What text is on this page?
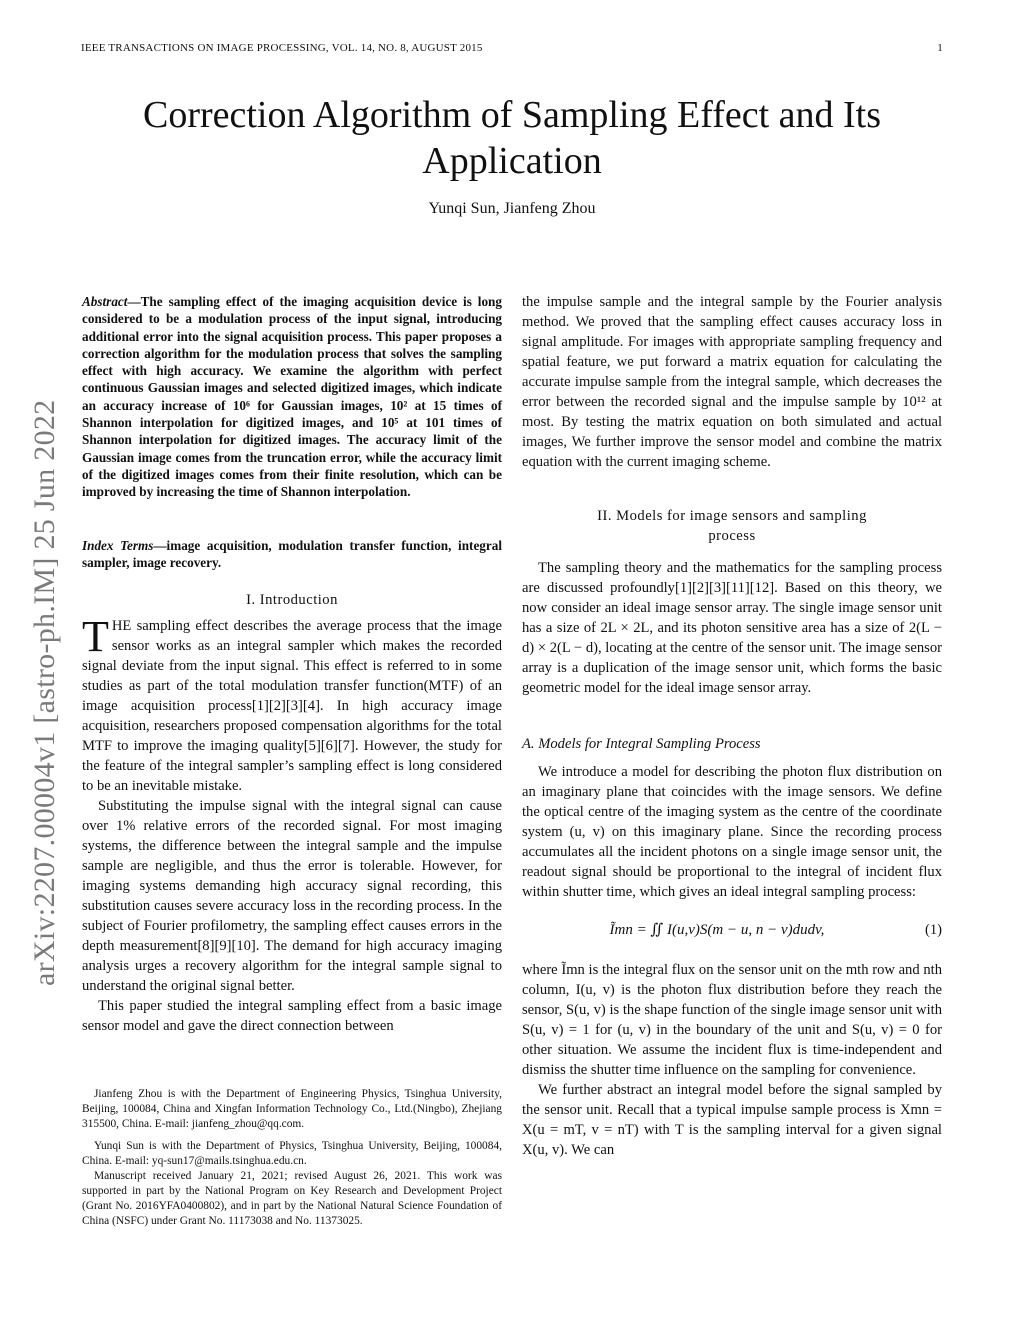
IEEE TRANSACTIONS ON IMAGE PROCESSING, VOL. 14, NO. 8, AUGUST 2015	1
Correction Algorithm of Sampling Effect and Its
Application
Yunqi Sun, Jianfeng Zhou
arXiv:2207.00004v1 [astro-ph.IM] 25 Jun 2022
Abstract—The sampling effect of the imaging acquisition device is long considered to be a modulation process of the input signal, introducing additional error into the signal acquisition process. This paper proposes a correction algorithm for the modulation process that solves the sampling effect with high accuracy. We examine the algorithm with perfect continuous Gaussian images and selected digitized images, which indicate an accuracy increase of 10⁶ for Gaussian images, 10² at 15 times of Shannon interpolation for digitized images, and 10⁵ at 101 times of Shannon interpolation for digitized images. The accuracy limit of the Gaussian image comes from the truncation error, while the accuracy limit of the digitized images comes from their finite resolution, which can be improved by increasing the time of Shannon interpolation.
Index Terms—image acquisition, modulation transfer function, integral sampler, image recovery.
I. Introduction
THE sampling effect describes the average process that the image sensor works as an integral sampler which makes the recorded signal deviate from the input signal. This effect is referred to in some studies as part of the total modulation transfer function(MTF) of an image acquisition process[1][2][3][4]. In high accuracy image acquisition, researchers proposed compensation algorithms for the total MTF to improve the imaging quality[5][6][7]. However, the study for the feature of the integral sampler’s sampling effect is long considered to be an inevitable mistake.

Substituting the impulse signal with the integral signal can cause over 1% relative errors of the recorded signal. For most imaging systems, the difference between the integral sample and the impulse sample are negligible, and thus the error is tolerable. However, for imaging systems demanding high accuracy signal recording, this substitution causes severe accuracy loss in the recording process. In the subject of Fourier profilometry, the sampling effect causes errors in the depth measurement[8][9][10]. The demand for high accuracy imaging analysis urges a recovery algorithm for the integral sample signal to understand the original signal better.

This paper studied the integral sampling effect from a basic image sensor model and gave the direct connection between

Jianfeng Zhou is with the Department of Engineering Physics, Tsinghua University, Beijing, 100084, China and Xingfan Information Technology Co., Ltd.(Ningbo), Zhejiang 315500, China. E-mail: jianfeng_zhou@qq.com.

Yunqi Sun is with the Department of Physics, Tsinghua University, Beijing, 100084, China. E-mail: yq-sun17@mails.tsinghua.edu.cn.

Manuscript received January 21, 2021; revised August 26, 2021. This work was supported in part by the National Program on Key Research and Development Project (Grant No. 2016YFA0400802), and in part by the National Natural Science Foundation of China (NSFC) under Grant No. 11173038 and No. 11373025.

the impulse sample and the integral sample by the Fourier analysis method. We proved that the sampling effect causes accuracy loss in signal amplitude. For images with appropriate sampling frequency and spatial feature, we put forward a matrix equation for calculating the accurate impulse sample from the integral sample, which decreases the error between the recorded signal and the impulse sample by 10¹² at most. By testing the matrix equation on both simulated and actual images, We further improve the sensor model and combine the matrix equation with the current imaging scheme.
II. Models for image sensors and sampling
process

The sampling theory and the mathematics for the sampling process are discussed profoundly[1][2][3][11][12]. Based on this theory, we now consider an ideal image sensor array. The single image sensor unit has a size of 2L × 2L, and its photon sensitive area has a size of 2(L − d) × 2(L − d), locating at the centre of the sensor unit. The image sensor array is a duplication of the image sensor unit, which forms the basic geometric model for the ideal image sensor array.

A. Models for Integral Sampling Process

We introduce a model for describing the photon flux distribution on an imaginary plane that coincides with the image sensors. We define the optical centre of the imaging system as the centre of the coordinate system (u, v) on this imaginary plane. Since the recording process accumulates all the incident photons on a single image sensor unit, the readout signal should be proportional to the integral of incident flux within shutter time, which gives an ideal integral sampling process:

Ĩmn = ∬ I(u,v)S(m − u, n − v)dudv,	(1)
where Ĩmn is the integral flux on the sensor unit on the mth row and nth column, I(u, v) is the photon flux distribution before they reach the sensor, S(u, v) is the shape function of the single image sensor unit with S(u, v) = 1 for (u, v) in the boundary of the unit and S(u, v) = 0 for other situation. We assume the incident flux is time-independent and dismiss the shutter time influence on the sampling for convenience.

We further abstract an integral model before the signal sampled by the sensor unit. Recall that a typical impulse sample process is Xmn = X(u = mT, v = nT) with T is the sampling interval for a given signal X(u, v). We can
